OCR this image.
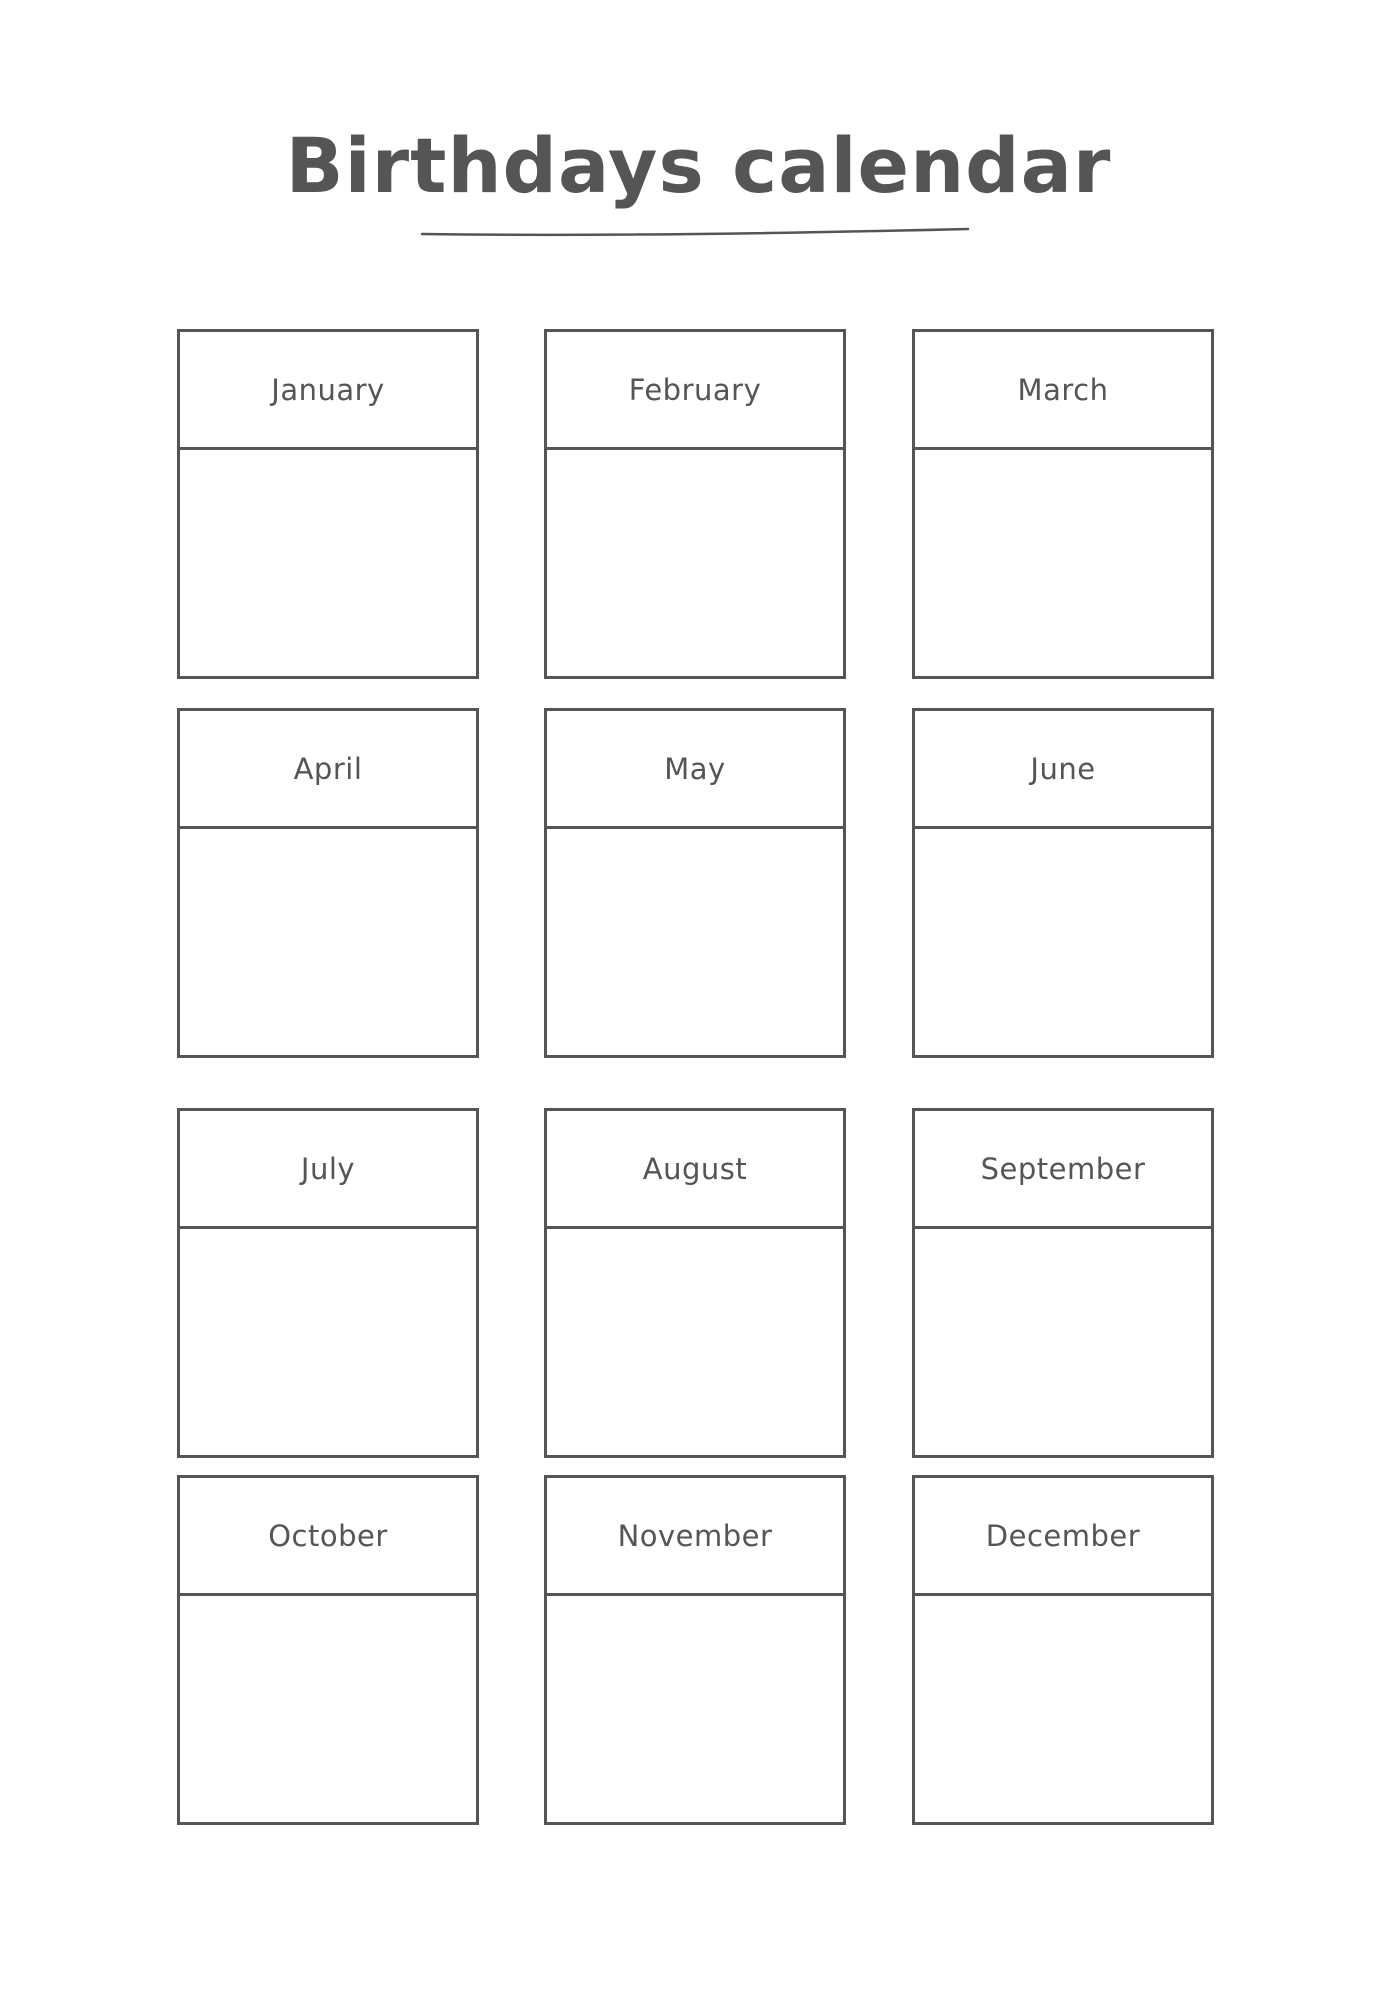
Birthdays calendar
January	February	March
April	May	June
July	August	September
October	November	December
